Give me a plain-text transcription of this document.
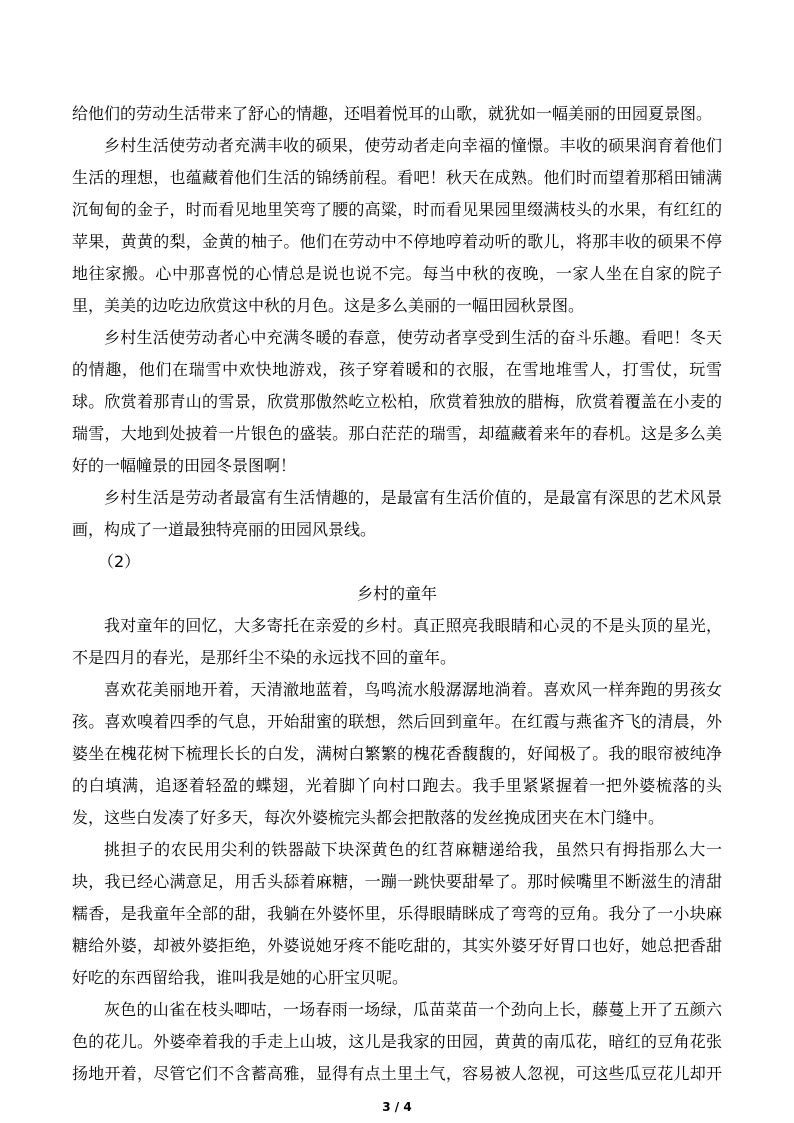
给他们的劳动生活带来了舒心的情趣，还唱着悦耳的山歌，就犹如一幅美丽的田园夏景图。
乡村生活使劳动者充满丰收的硕果，使劳动者走向幸福的憧憬。丰收的硕果润育着他们
生活的理想，也蕴藏着他们生活的锦绣前程。看吧！秋天在成熟。他们时而望着那稻田铺满
沉甸甸的金子，时而看见地里笑弯了腰的高粱，时而看见果园里缀满枝头的水果，有红红的
苹果，黄黄的梨，金黄的柚子。他们在劳动中不停地哼着动听的歌儿，将那丰收的硕果不停
地往家搬。心中那喜悦的心情总是说也说不完。每当中秋的夜晚，一家人坐在自家的院子
里，美美的边吃边欣赏这中秋的月色。这是多么美丽的一幅田园秋景图。
乡村生活使劳动者心中充满冬暖的春意，使劳动者享受到生活的奋斗乐趣。看吧！冬天
的情趣，他们在瑞雪中欢快地游戏，孩子穿着暖和的衣服，在雪地堆雪人，打雪仗，玩雪
球。欣赏着那青山的雪景，欣赏那傲然屹立松柏，欣赏着独放的腊梅，欣赏着覆盖在小麦的
瑞雪，大地到处披着一片银色的盛装。那白茫茫的瑞雪，却蕴藏着来年的春机。这是多么美
好的一幅幢景的田园冬景图啊！
乡村生活是劳动者最富有生活情趣的，是最富有生活价值的，是最富有深思的艺术风景
画，构成了一道最独特亮丽的田园风景线。
（2）
乡村的童年
我对童年的回忆，大多寄托在亲爱的乡村。真正照亮我眼睛和心灵的不是头顶的星光，
不是四月的春光，是那纤尘不染的永远找不回的童年。
喜欢花美丽地开着，天清澈地蓝着，鸟鸣流水般潺潺地淌着。喜欢风一样奔跑的男孩女
孩。喜欢嗅着四季的气息，开始甜蜜的联想，然后回到童年。在红霞与燕雀齐飞的清晨，外
婆坐在槐花树下梳理长长的白发，满树白繁繁的槐花香馥馥的，好闻极了。我的眼帘被纯净
的白填满，追逐着轻盈的蝶翅，光着脚丫向村口跑去。我手里紧紧握着一把外婆梳落的头
发，这些白发凑了好多天，每次外婆梳完头都会把散落的发丝挽成团夹在木门缝中。
挑担子的农民用尖利的铁器敲下块深黄色的红苕麻糖递给我，虽然只有拇指那么大一
块，我已经心满意足，用舌头舔着麻糖，一蹦一跳快要甜晕了。那时候嘴里不断滋生的清甜
糯香，是我童年全部的甜，我躺在外婆怀里，乐得眼睛眯成了弯弯的豆角。我分了一小块麻
糖给外婆，却被外婆拒绝，外婆说她牙疼不能吃甜的，其实外婆牙好胃口也好，她总把香甜
好吃的东西留给我，谁叫我是她的心肝宝贝呢。
灰色的山雀在枝头唧咕，一场春雨一场绿，瓜苗菜苗一个劲向上长，藤蔓上开了五颜六
色的花儿。外婆牵着我的手走上山坡，这儿是我家的田园，黄黄的南瓜花，暗红的豆角花张
扬地开着，尽管它们不含蓄高雅，显得有点土里土气，容易被人忽视，可这些瓜豆花儿却开
3 / 4
